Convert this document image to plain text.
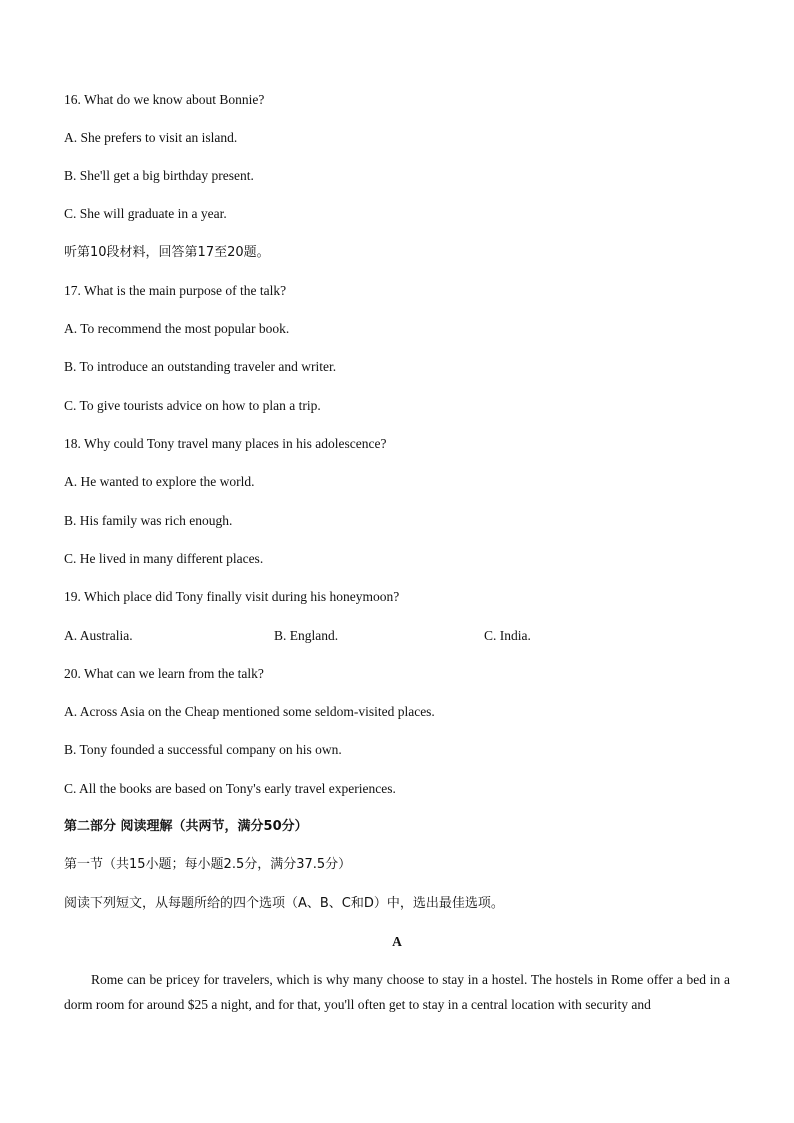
16. What do we know about Bonnie?
A. She prefers to visit an island.
B. She'll get a big birthday present.
C. She will graduate in a year.
听第10段材料，回答第17至20题。
17. What is the main purpose of the talk?
A. To recommend the most popular book.
B. To introduce an outstanding traveler and writer.
C. To give tourists advice on how to plan a trip.
18. Why could Tony travel many places in his adolescence?
A. He wanted to explore the world.
B. His family was rich enough.
C. He lived in many different places.
19. Which place did Tony finally visit during his honeymoon?
A. Australia.	B. England.	C. India.
20. What can we learn from the talk?
A. Across Asia on the Cheap mentioned some seldom-visited places.
B. Tony founded a successful company on his own.
C. All the books are based on Tony's early travel experiences.
第二部分 阅读理解（共两节，满分50分）
第一节（共15小题；每小题2.5分，满分37.5分）
阅读下列短文，从每题所给的四个选项（A、B、C和D）中，选出最佳选项。
A
Rome can be pricey for travelers, which is why many choose to stay in a hostel. The hostels in Rome offer a bed in a dorm room for around $25 a night, and for that, you'll often get to stay in a central location with security and
